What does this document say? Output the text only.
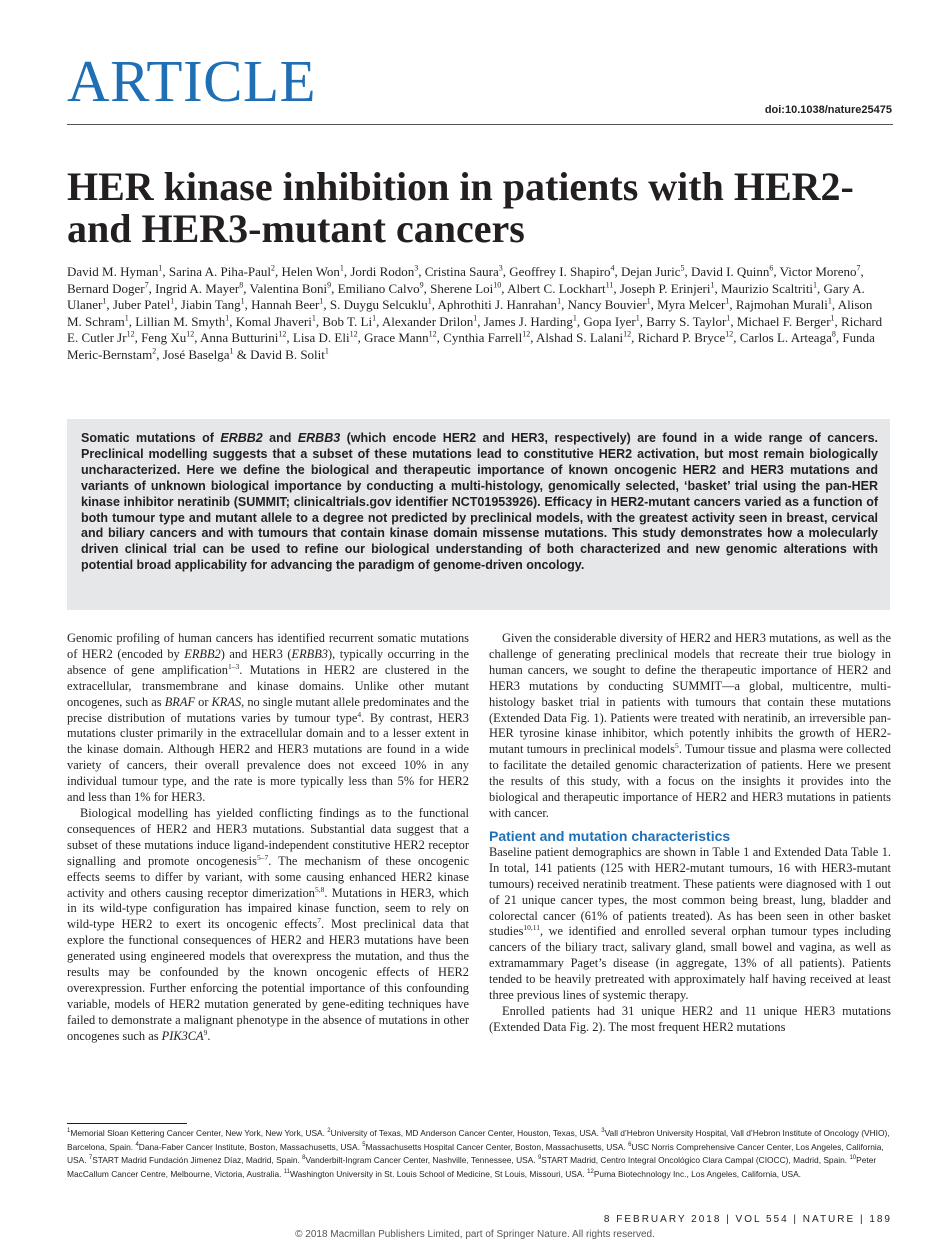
ARTICLE	doi:10.1038/nature25475
HER kinase inhibition in patients with HER2- and HER3-mutant cancers
David M. Hyman$^1$, Sarina A. Piha-Paul$^2$, Helen Won$^1$, Jordi Rodon$^3$, Cristina Saura$^3$, Geoffrey I. Shapiro$^4$, Dejan Juric$^5$, David I. Quinn$^6$, Victor Moreno$^7$, Bernard Doger$^7$, Ingrid A. Mayer$^8$, Valentina Boni$^9$, Emiliano Calvo$^9$, Sherene Loi$^{10}$, Albert C. Lockhart$^{11}$, Joseph P. Erinjeri$^1$, Maurizio Scaltriti$^1$, Gary A. Ulaner$^1$, Juber Patel$^1$, Jiabin Tang$^1$, Hannah Beer$^1$, S. Duygu Selcuklu$^1$, Aphrothiti J. Hanrahan$^1$, Nancy Bouvier$^1$, Myra Melcer$^1$, Rajmohan Murali$^1$, Alison M. Schram$^1$, Lillian M. Smyth$^1$, Komal Jhaveri$^1$, Bob T. Li$^1$, Alexander Drilon$^1$, James J. Harding$^1$, Gopa Iyer$^1$, Barry S. Taylor$^1$, Michael F. Berger$^1$, Richard E. Cutler Jr$^{12}$, Feng Xu$^{12}$, Anna Butturini$^{12}$, Lisa D. Eli$^{12}$, Grace Mann$^{12}$, Cynthia Farrell$^{12}$, Alshad S. Lalani$^{12}$, Richard P. Bryce$^{12}$, Carlos L. Arteaga$^8$, Funda Meric-Bernstam$^2$, José Baselga$^1$ & David B. Solit$^1$
Somatic mutations of ERBB2 and ERBB3 (which encode HER2 and HER3, respectively) are found in a wide range of cancers. Preclinical modelling suggests that a subset of these mutations lead to constitutive HER2 activation, but most remain biologically uncharacterized. Here we define the biological and therapeutic importance of known oncogenic HER2 and HER3 mutations and variants of unknown biological importance by conducting a multi-histology, genomically selected, ‘basket’ trial using the pan-HER kinase inhibitor neratinib (SUMMIT; clinicaltrials.gov identifier NCT01953926). Efficacy in HER2-mutant cancers varied as a function of both tumour type and mutant allele to a degree not predicted by preclinical models, with the greatest activity seen in breast, cervical and biliary cancers and with tumours that contain kinase domain missense mutations. This study demonstrates how a molecularly driven clinical trial can be used to refine our biological understanding of both characterized and new genomic alterations with potential broad applicability for advancing the paradigm of genome-driven oncology.

Genomic profiling of human cancers has identified recurrent somatic mutations of HER2 (encoded by ERBB2) and HER3 (ERBB3), typically occurring in the absence of gene amplification$^{1-3}$. Mutations in HER2 are clustered in the extracellular, transmembrane and kinase domains. Unlike other mutant oncogenes, such as BRAF or KRAS, no single mutant allele predominates and the precise distribution of mutations varies by tumour type$^4$. By contrast, HER3 mutations cluster primarily in the extracellular domain and to a lesser extent in the kinase domain. Although HER2 and HER3 mutations are found in a wide variety of cancers, their overall prevalence does not exceed 10% in any individual tumour type, and the rate is more typically less than 5% for HER2 and less than 1% for HER3.

Biological modelling has yielded conflicting findings as to the functional consequences of HER2 and HER3 mutations. Substantial data suggest that a subset of these mutations induce ligand-independent constitutive HER2 receptor signalling and promote oncogenesis$^{5-7}$. The mechanism of these oncogenic effects seems to differ by variant, with some causing enhanced HER2 kinase activity and others causing receptor dimerization$^{5,8}$. Mutations in HER3, which in its wild-type configuration has impaired kinase function, seem to rely on wild-type HER2 to exert its oncogenic effects$^7$. Most preclinical data that explore the functional consequences of HER2 and HER3 mutations have been generated using engineered models that overexpress the mutation, and thus the results may be confounded by the known oncogenic effects of HER2 overexpression. Further enforcing the potential importance of this confounding variable, models of HER2 mutation generated by gene-editing techniques have failed to demonstrate a malignant phenotype in the absence of mutations in other oncogenes such as $PIK3CA^9$.

Given the considerable diversity of HER2 and HER3 mutations, as well as the challenge of generating preclinical models that recreate their true biology in human cancers, we sought to define the therapeutic importance of HER2 and HER3 mutations by conducting SUMMIT—a global, multicentre, multi-histology basket trial in patients with tumours that contain these mutations (Extended Data Fig. 1). Patients were treated with neratinib, an irreversible pan-HER tyrosine kinase inhibitor, which potently inhibits the growth of HER2-mutant tumours in preclinical models$^5$. Tumour tissue and plasma were collected to facilitate the detailed genomic characterization of patients. Here we present the results of this study, with a focus on the insights it provides into the biological and therapeutic importance of HER2 and HER3 mutations in patients with cancer.

Patient and mutation characteristics

Baseline patient demographics are shown in Table 1 and Extended Data Table 1. In total, 141 patients (125 with HER2-mutant tumours, 16 with HER3-mutant tumours) received neratinib treatment. These patients were diagnosed with 1 out of 21 unique cancer types, the most common being breast, lung, bladder and colorectal cancer (61% of patients treated). As has been seen in other basket studies$^{10,11}$, we identified and enrolled several orphan tumour types including cancers of the biliary tract, salivary gland, small bowel and vagina, as well as extramammary Paget’s disease (in aggregate, 13% of all patients). Patients tended to be heavily pretreated with approximately half having received at least three previous lines of systemic therapy.

Enrolled patients had 31 unique HER2 and 11 unique HER3 mutations (Extended Data Fig. 2). The most frequent HER2 mutations

$^1$Memorial Sloan Kettering Cancer Center, New York, New York, USA. $^2$University of Texas, MD Anderson Cancer Center, Houston, Texas, USA. $^3$Vall d’Hebron University Hospital, Vall d’Hebron Institute of Oncology (VHIO), Barcelona, Spain. $^4$Dana-Faber Cancer Institute, Boston, Massachusetts, USA. $^5$Massachusetts Hospital Cancer Center, Boston, Massachusetts, USA. $^6$USC Norris Comprehensive Cancer Center, Los Angeles, California, USA. $^7$START Madrid Fundación Jimenez Díaz, Madrid, Spain. $^8$Vanderbilt-Ingram Cancer Center, Nashville, Tennessee, USA. $^9$START Madrid, Centro Integral Oncológico Clara Campal (CIOCC), Madrid, Spain. $^{10}$Peter MacCallum Cancer Centre, Melbourne, Victoria, Australia. $^{11}$Washington University in St. Louis School of Medicine, St Louis, Missouri, USA. $^{12}$Puma Biotechnology Inc., Los Angeles, California, USA.
8 FEBRUARY 2018 | VOL 554 | NATURE | 189
© 2018 Macmillan Publishers Limited, part of Springer Nature. All rights reserved.
